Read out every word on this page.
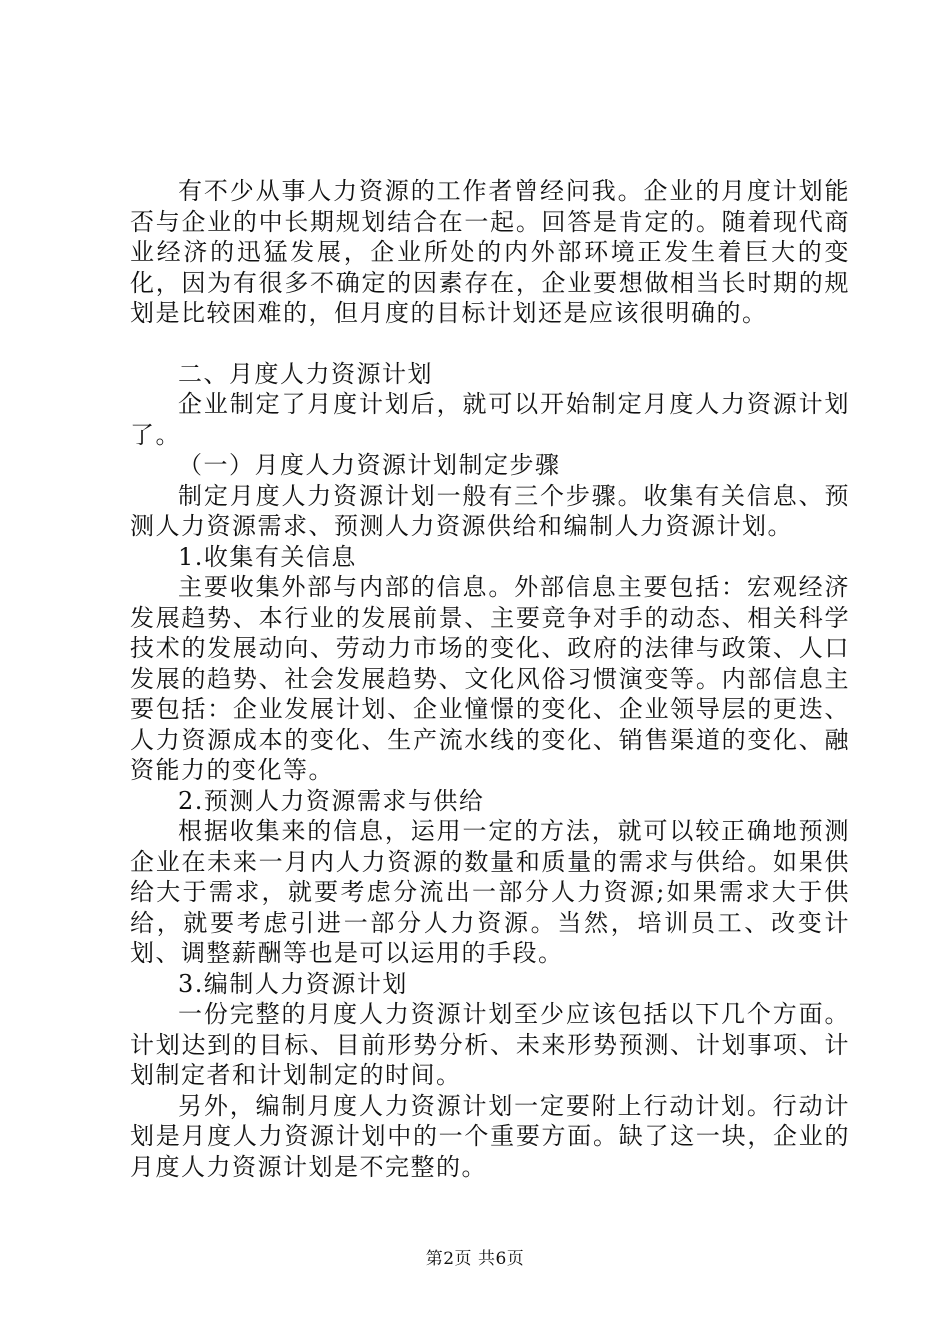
有不少从事人力资源的工作者曾经问我。企业的月度计划能否与企业的中长期规划结合在一起。回答是肯定的。随着现代商业经济的迅猛发展，企业所处的内外部环境正发生着巨大的变化，因为有很多不确定的因素存在，企业要想做相当长时期的规划是比较困难的，但月度的目标计划还是应该很明确的。

二、月度人力资源计划

企业制定了月度计划后，就可以开始制定月度人力资源计划了。

（一）月度人力资源计划制定步骤

制定月度人力资源计划一般有三个步骤。收集有关信息、预测人力资源需求、预测人力资源供给和编制人力资源计划。

1.收集有关信息

主要收集外部与内部的信息。外部信息主要包括：宏观经济发展趋势、本行业的发展前景、主要竞争对手的动态、相关科学技术的发展动向、劳动力市场的变化、政府的法律与政策、人口发展的趋势、社会发展趋势、文化风俗习惯演变等。内部信息主要包括：企业发展计划、企业憧憬的变化、企业领导层的更迭、人力资源成本的变化、生产流水线的变化、销售渠道的变化、融资能力的变化等。

2.预测人力资源需求与供给

根据收集来的信息，运用一定的方法，就可以较正确地预测企业在未来一月内人力资源的数量和质量的需求与供给。如果供给大于需求，就要考虑分流出一部分人力资源;如果需求大于供给，就要考虑引进一部分人力资源。当然，培训员工、改变计划、调整薪酬等也是可以运用的手段。

3.编制人力资源计划

一份完整的月度人力资源计划至少应该包括以下几个方面。计划达到的目标、目前形势分析、未来形势预测、计划事项、计划制定者和计划制定的时间。

另外，编制月度人力资源计划一定要附上行动计划。行动计划是月度人力资源计划中的一个重要方面。缺了这一块，企业的月度人力资源计划是不完整的。

第2页 共6页
